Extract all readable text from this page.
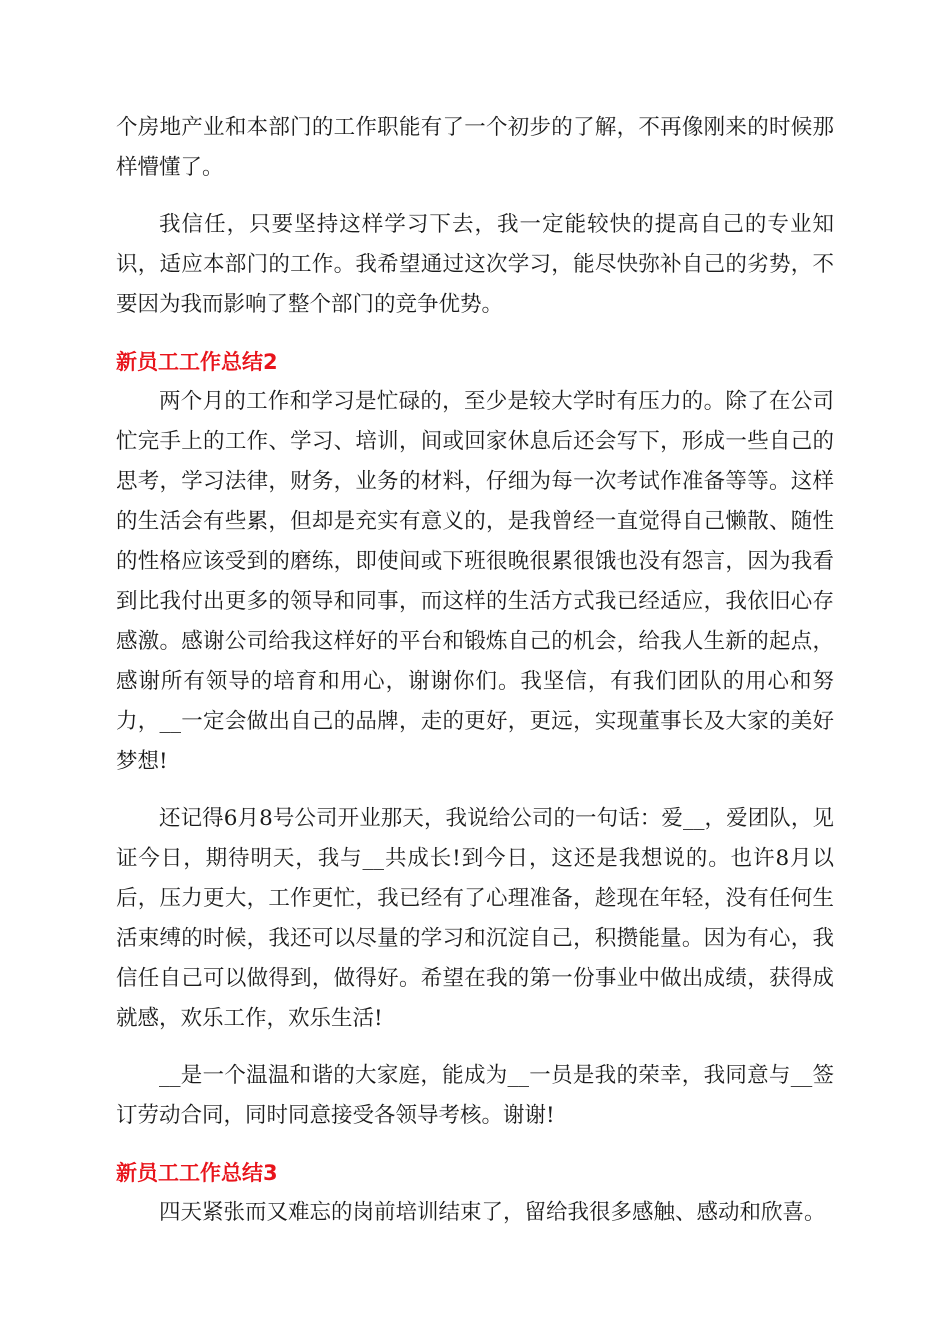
个房地产业和本部门的工作职能有了一个初步的了解，不再像刚来的时候那样懵懂了。

我信任，只要坚持这样学习下去，我一定能较快的提高自己的专业知识，适应本部门的工作。我希望通过这次学习，能尽快弥补自己的劣势，不要因为我而影响了整个部门的竞争优势。

新员工工作总结2

两个月的工作和学习是忙碌的，至少是较大学时有压力的。除了在公司忙完手上的工作、学习、培训，间或回家休息后还会写下，形成一些自己的思考，学习法律，财务，业务的材料，仔细为每一次考试作准备等等。这样的生活会有些累，但却是充实有意义的，是我曾经一直觉得自己懒散、随性的性格应该受到的磨练，即使间或下班很晚很累很饿也没有怨言，因为我看到比我付出更多的领导和同事，而这样的生活方式我已经适应，我依旧心存感激。感谢公司给我这样好的平台和锻炼自己的机会，给我人生新的起点，感谢所有领导的培育和用心，谢谢你们。我坚信，有我们团队的用心和努力，__一定会做出自己的品牌，走的更好，更远，实现董事长及大家的美好梦想!

还记得6月8号公司开业那天，我说给公司的一句话：爱__，爱团队，见证今日，期待明天，我与__共成长!到今日，这还是我想说的。也许8月以后，压力更大，工作更忙，我已经有了心理准备，趁现在年轻，没有任何生活束缚的时候，我还可以尽量的学习和沉淀自己，积攒能量。因为有心，我信任自己可以做得到，做得好。希望在我的第一份事业中做出成绩，获得成就感，欢乐工作，欢乐生活!

__是一个温温和谐的大家庭，能成为__一员是我的荣幸，我同意与__签订劳动合同，同时同意接受各领导考核。谢谢!

新员工工作总结3

四天紧张而又难忘的岗前培训结束了，留给我很多感触、感动和欣喜。
